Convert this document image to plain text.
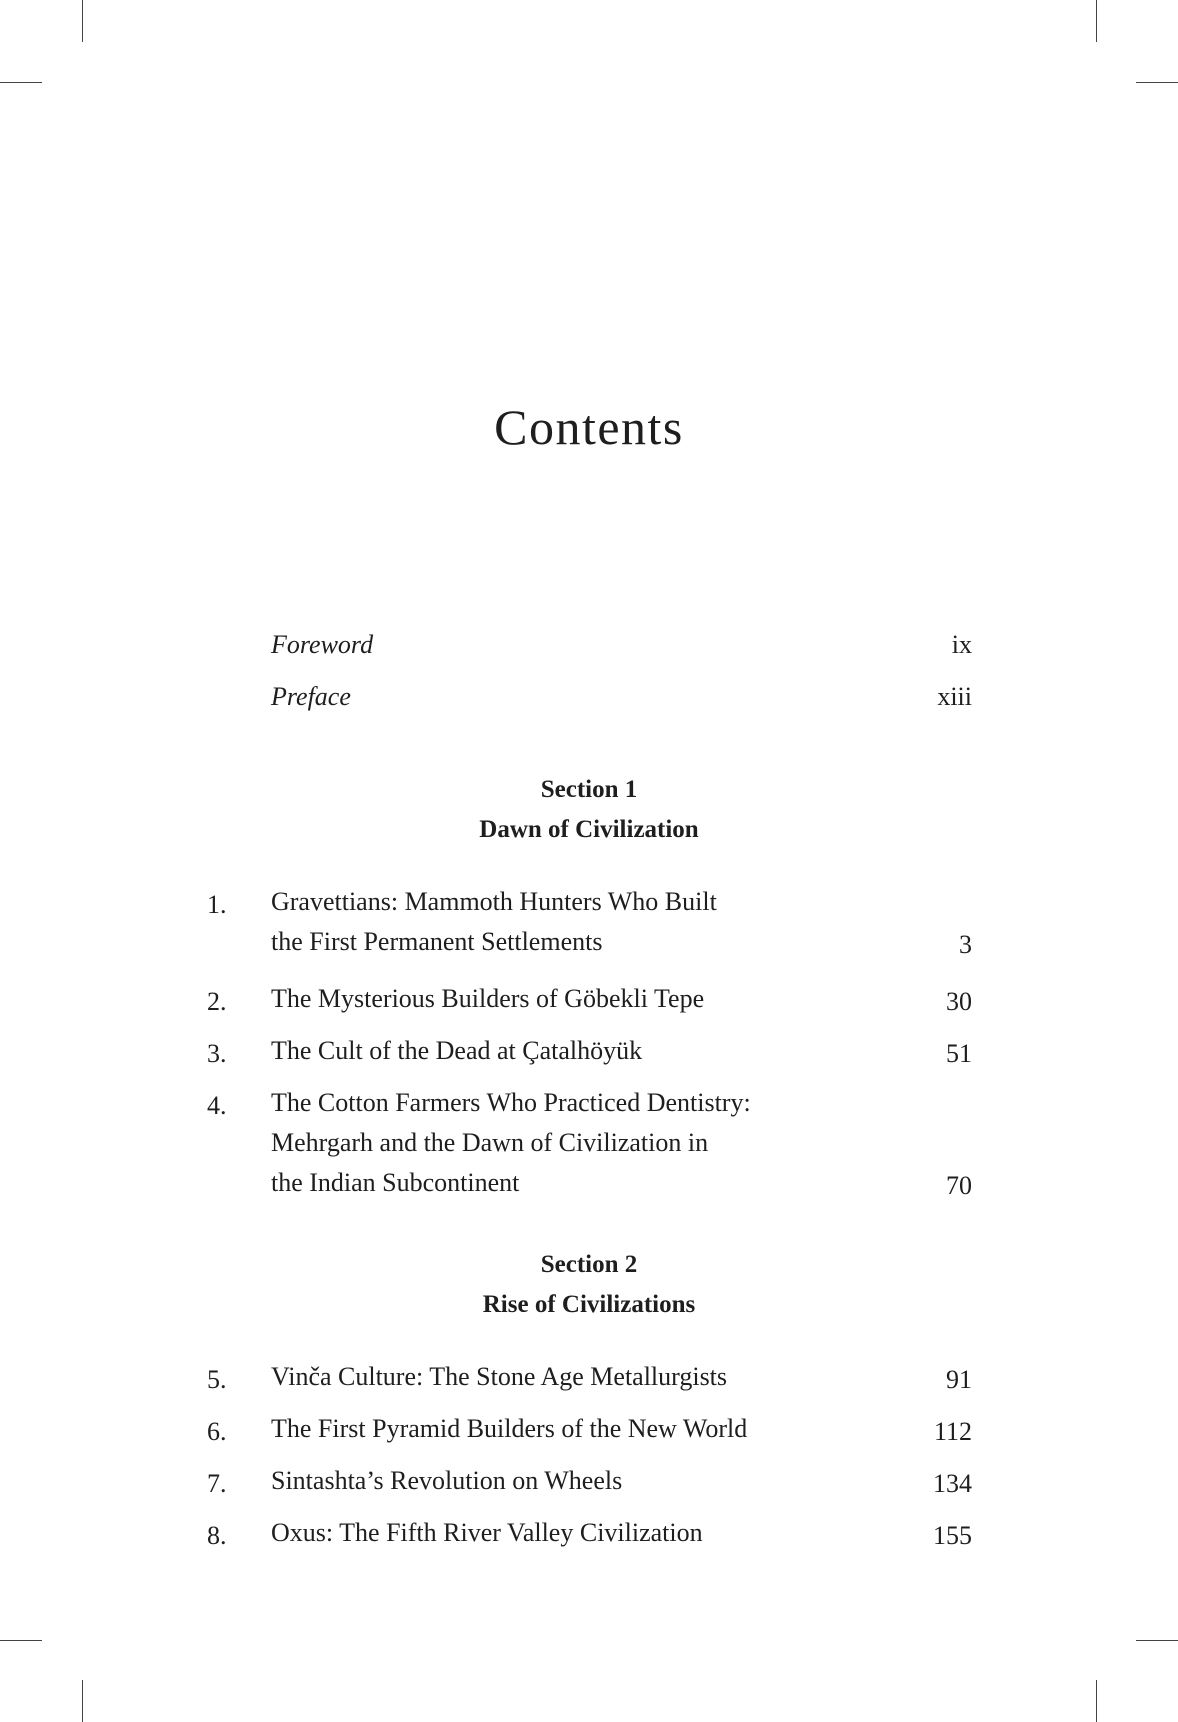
Contents
Foreword	ix
Preface	xiii
Section 1
Dawn of Civilization
1. Gravettians: Mammoth Hunters Who Built
the First Permanent Settlements	3
2. The Mysterious Builders of Göbekli Tepe	30
3. The Cult of the Dead at Çatalhöyük	51
4. The Cotton Farmers Who Practiced Dentistry:
Mehrgarh and the Dawn of Civilization in
the Indian Subcontinent	70
Section 2
Rise of Civilizations
5. Vinča Culture: The Stone Age Metallurgists	91
6. The First Pyramid Builders of the New World	112
7. Sintashta’s Revolution on Wheels	134
8. Oxus: The Fifth River Valley Civilization	155
